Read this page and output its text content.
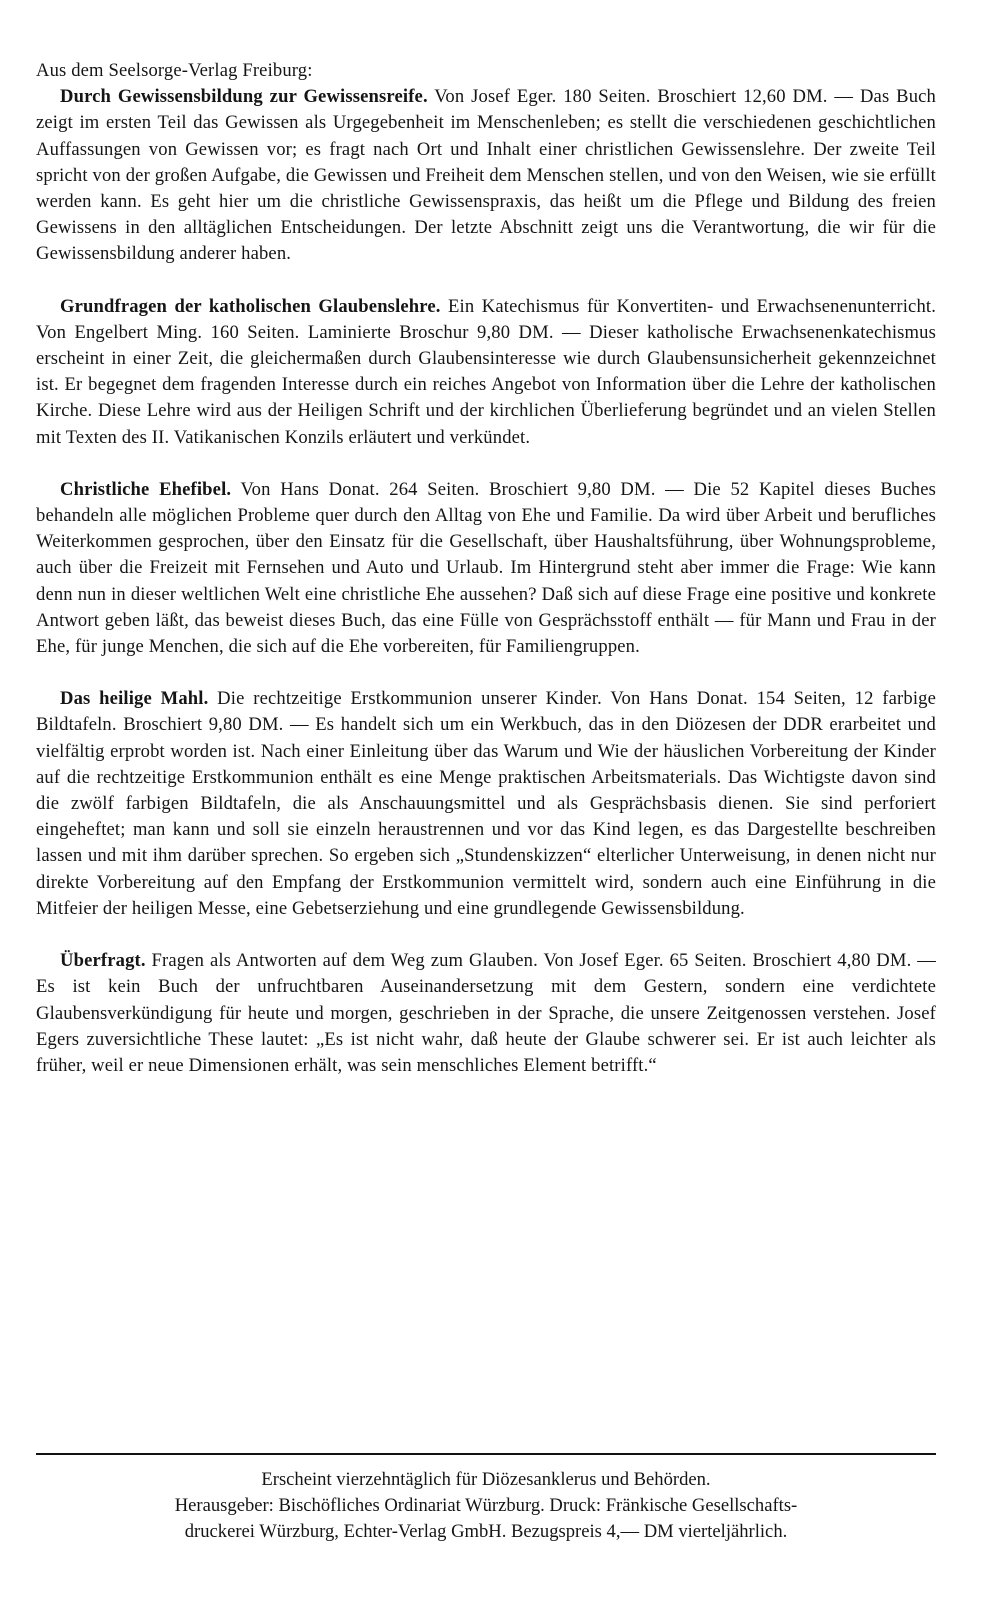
Aus dem Seelsorge-Verlag Freiburg:

Durch Gewissensbildung zur Gewissensreife. Von Josef Eger. 180 Seiten. Broschiert 12,60 DM. — Das Buch zeigt im ersten Teil das Gewissen als Urgegebenheit im Menschenleben; es stellt die verschiedenen geschichtlichen Auffassungen von Gewissen vor; es fragt nach Ort und Inhalt einer christlichen Gewissenslehre. Der zweite Teil spricht von der großen Aufgabe, die Gewissen und Freiheit dem Menschen stellen, und von den Weisen, wie sie erfüllt werden kann. Es geht hier um die christliche Gewissenspraxis, das heißt um die Pflege und Bildung des freien Gewissens in den alltäglichen Entscheidungen. Der letzte Abschnitt zeigt uns die Verantwortung, die wir für die Gewissensbildung anderer haben.

Grundfragen der katholischen Glaubenslehre. Ein Katechismus für Konvertiten- und Erwachsenenunterricht. Von Engelbert Ming. 160 Seiten. Laminierte Broschur 9,80 DM. — Dieser katholische Erwachsenenkatechismus erscheint in einer Zeit, die gleichermaßen durch Glaubensinteresse wie durch Glaubensunsicherheit gekennzeichnet ist. Er begegnet dem fragenden Interesse durch ein reiches Angebot von Information über die Lehre der katholischen Kirche. Diese Lehre wird aus der Heiligen Schrift und der kirchlichen Überlieferung begründet und an vielen Stellen mit Texten des II. Vatikanischen Konzils erläutert und verkündet.

Christliche Ehefibel. Von Hans Donat. 264 Seiten. Broschiert 9,80 DM. — Die 52 Kapitel dieses Buches behandeln alle möglichen Probleme quer durch den Alltag von Ehe und Familie. Da wird über Arbeit und berufliches Weiterkommen gesprochen, über den Einsatz für die Gesellschaft, über Haushaltsführung, über Wohnungsprobleme, auch über die Freizeit mit Fernsehen und Auto und Urlaub. Im Hintergrund steht aber immer die Frage: Wie kann denn nun in dieser weltlichen Welt eine christliche Ehe aussehen? Daß sich auf diese Frage eine positive und konkrete Antwort geben läßt, das beweist dieses Buch, das eine Fülle von Gesprächsstoff enthält — für Mann und Frau in der Ehe, für junge Menchen, die sich auf die Ehe vorbereiten, für Familiengruppen.

Das heilige Mahl. Die rechtzeitige Erstkommunion unserer Kinder. Von Hans Donat. 154 Seiten, 12 farbige Bildtafeln. Broschiert 9,80 DM. — Es handelt sich um ein Werkbuch, das in den Diözesen der DDR erarbeitet und vielfältig erprobt worden ist. Nach einer Einleitung über das Warum und Wie der häuslichen Vorbereitung der Kinder auf die rechtzeitige Erstkommunion enthält es eine Menge praktischen Arbeitsmaterials. Das Wichtigste davon sind die zwölf farbigen Bildtafeln, die als Anschauungsmittel und als Gesprächsbasis dienen. Sie sind perforiert eingeheftet; man kann und soll sie einzeln heraustrennen und vor das Kind legen, es das Dargestellte beschreiben lassen und mit ihm darüber sprechen. So ergeben sich „Stundenskizzen“ elterlicher Unterweisung, in denen nicht nur direkte Vorbereitung auf den Empfang der Erstkommunion vermittelt wird, sondern auch eine Einführung in die Mitfeier der heiligen Messe, eine Gebetserziehung und eine grundlegende Gewissensbildung.

Überfragt. Fragen als Antworten auf dem Weg zum Glauben. Von Josef Eger. 65 Seiten. Broschiert 4,80 DM. — Es ist kein Buch der unfruchtbaren Auseinandersetzung mit dem Gestern, sondern eine verdichtete Glaubensverkündigung für heute und morgen, geschrieben in der Sprache, die unsere Zeitgenossen verstehen. Josef Egers zuversichtliche These lautet: „Es ist nicht wahr, daß heute der Glaube schwerer sei. Er ist auch leichter als früher, weil er neue Dimensionen erhält, was sein menschliches Element betrifft.“

Erscheint vierzehntäglich für Diözesanklerus und Behörden.
Herausgeber: Bischöfliches Ordinariat Würzburg. Druck: Fränkische Gesellschafts-
druckerei Würzburg, Echter-Verlag GmbH. Bezugspreis 4,— DM vierteljährlich.
